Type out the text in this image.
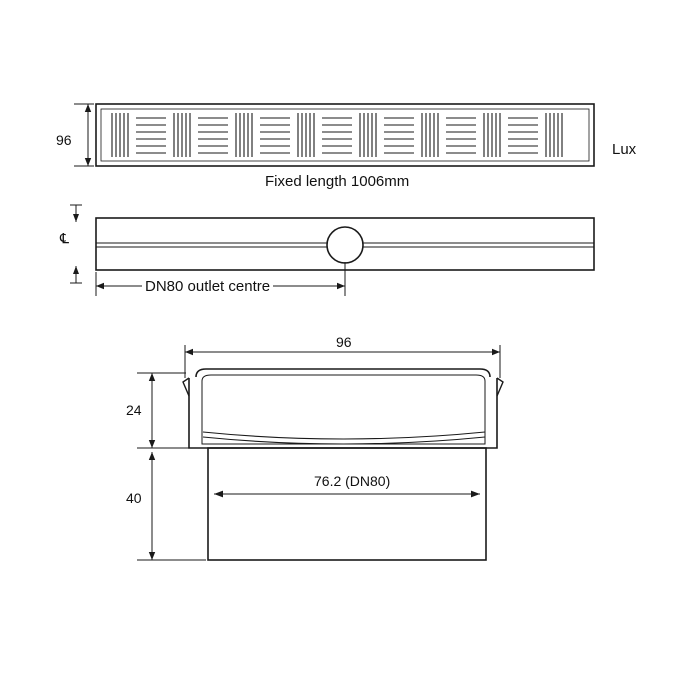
96
Lux
Fixed length 1006mm
℄
DN80 outlet centre
96
24
40
76.2 (DN80)
